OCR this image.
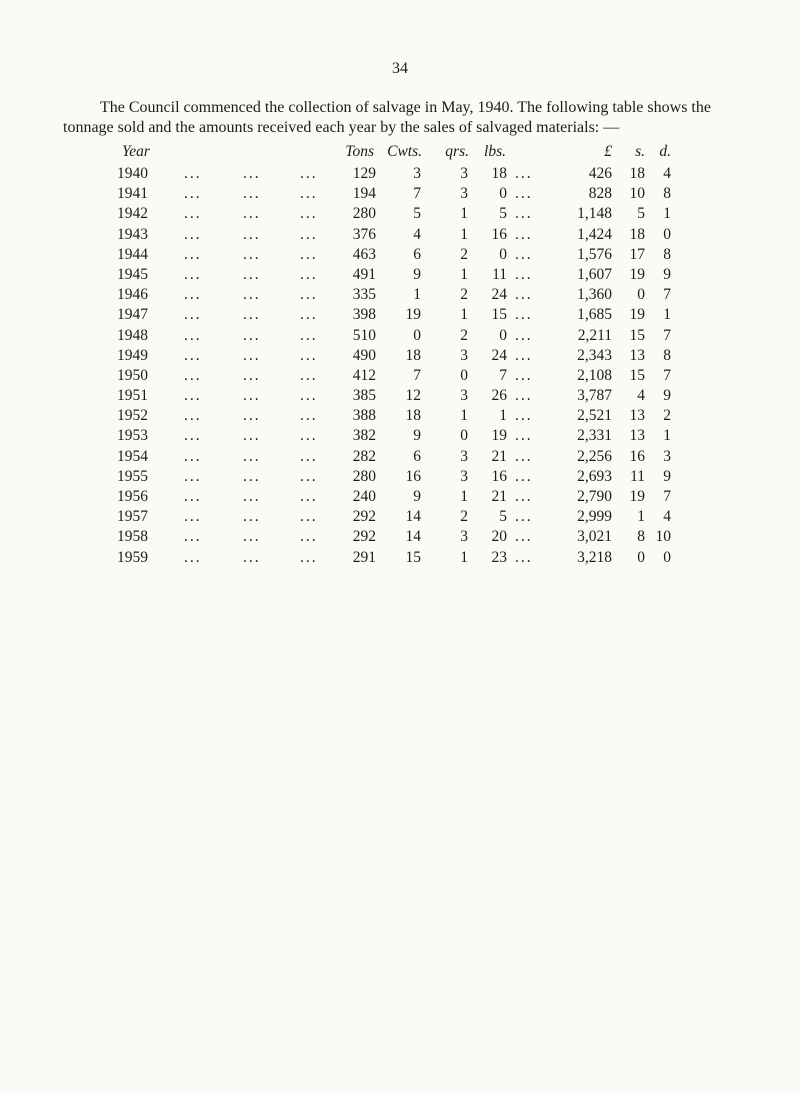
34

The Council commenced the collection of salvage in May, 1940. The following table shows the
tonnage sold and the amounts received each year by the sales of salvaged materials: —

Year	Tons Cwts. qrs. lbs.	£ s. d.
1940 ...	...	... 129 3	3 18 ...	426 18 4
1941 ...	...	... 194 7	3 0 ...	828 10 8
1942 ...	...	... 280 5	1 5 ...	1,148 5 1
1943 ...	...	... 376 4	1 16 ...	1,424 18 0
1944 ...	...	... 463 6	2 0 ...	1,576 17 8
1945 ...	...	... 491 9	1 11 ...	1,607 19 9
1946 ...	...	... 335 1	2 24 ...	1,360 0 7
1947 ...	...	... 398 19	1 15 ...	1,685 19 1
1948 ...	...	... 510 0	2 0 ...	2,211 15 7
1949 ...	...	... 490 18	3 24 ...	2,343 13 8
1950 ...	...	... 412 7	0 7 ...	2,108 15 7
1951 ...	...	... 385 12	3 26 ...	3,787 4 9
1952 ...	...	... 388 18	1 1 ...	2,521 13 2
1953 ...	...	... 382 9	0 19 ...	2,331 13 1
1954 ...	...	... 282 6	3 21 ...	2,256 16 3
1955 ...	...	... 280 16	3 16 ...	2,693 11 9
1956 ...	...	... 240 9	1 21 ...	2,790 19 7
1957 ...	...	... 292 14	2 5 ...	2,999 1 4
1958 ...	...	... 292 14	3 20 ...	3,021 8 10
1959 ...	...	... 291 15	1 23 ...	3,218 0 0
